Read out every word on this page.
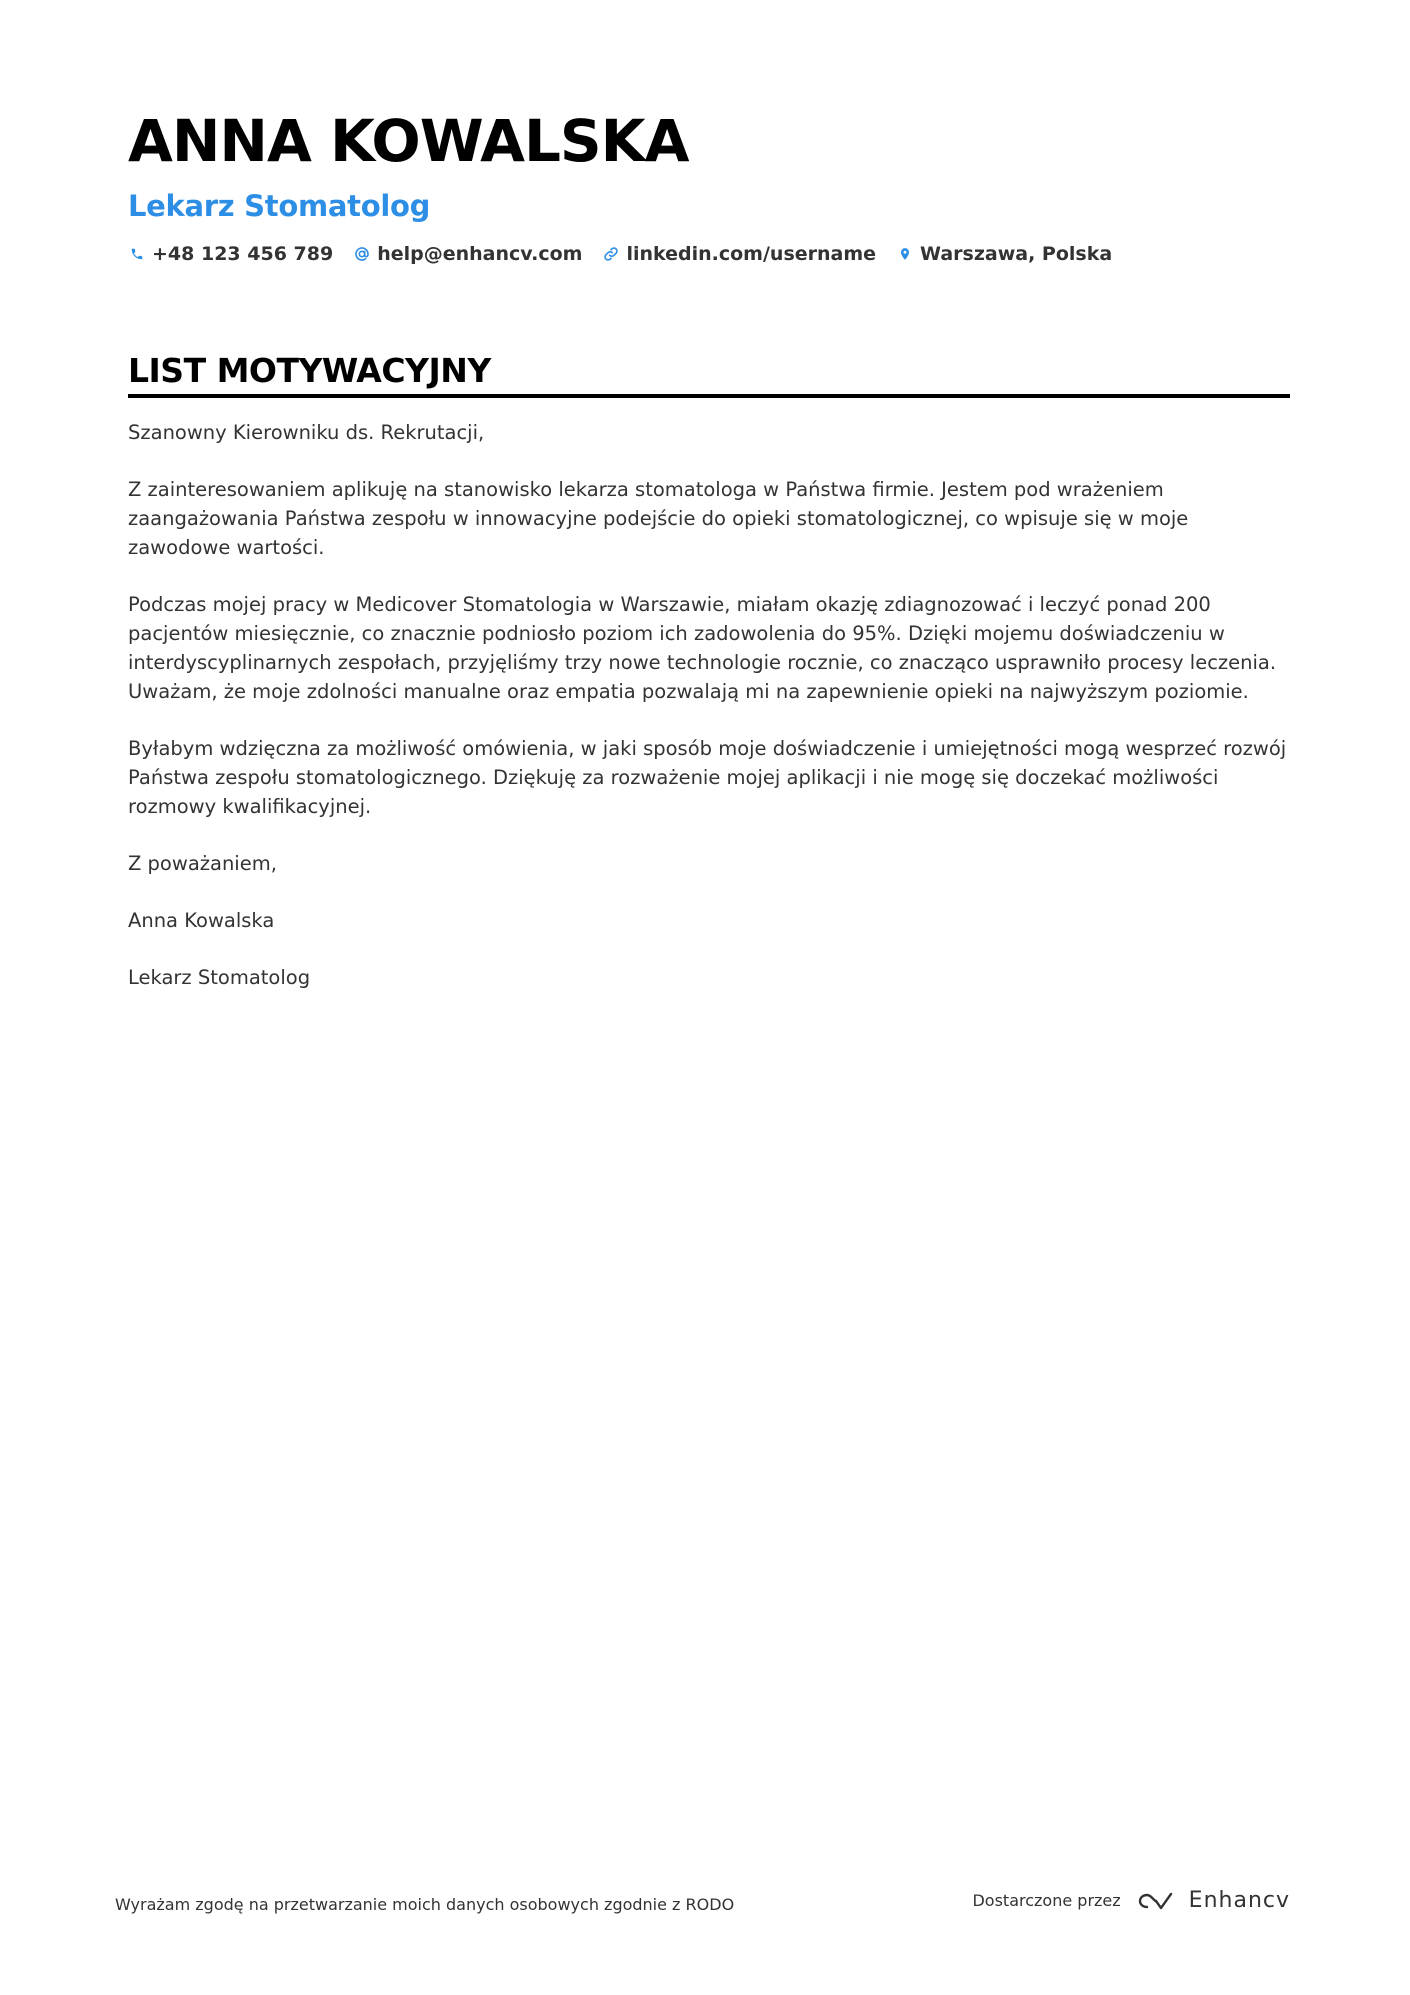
ANNA KOWALSKA
Lekarz Stomatolog
+48 123 456 789 help@enhancv.com linkedin.com/username Warszawa, Polska
LIST MOTYWACYJNY

Szanowny Kierowniku ds. Rekrutacji,

Z zainteresowaniem aplikuję na stanowisko lekarza stomatologa w Państwa firmie. Jestem pod wrażeniem zaangażowania Państwa zespołu w innowacyjne podejście do opieki stomatologicznej, co wpisuje się w moje zawodowe wartości.

Podczas mojej pracy w Medicover Stomatologia w Warszawie, miałam okazję zdiagnozować i leczyć ponad 200 pacjentów miesięcznie, co znacznie podniosło poziom ich zadowolenia do 95%. Dzięki mojemu doświadczeniu w interdyscyplinarnych zespołach, przyjęliśmy trzy nowe technologie rocznie, co znacząco usprawniło procesy leczenia. Uważam, że moje zdolności manualne oraz empatia pozwalają mi na zapewnienie opieki na najwyższym poziomie.

Byłabym wdzięczna za możliwość omówienia, w jaki sposób moje doświadczenie i umiejętności mogą wesprzeć rozwój Państwa zespołu stomatologicznego. Dziękuję za rozważenie mojej aplikacji i nie mogę się doczekać możliwości rozmowy kwalifikacyjnej.

Z poważaniem,

Anna Kowalska

Lekarz Stomatolog

Wyrażam zgodę na przetwarzanie moich danych osobowych zgodnie z RODO	Dostarczone przez	Enhancv
